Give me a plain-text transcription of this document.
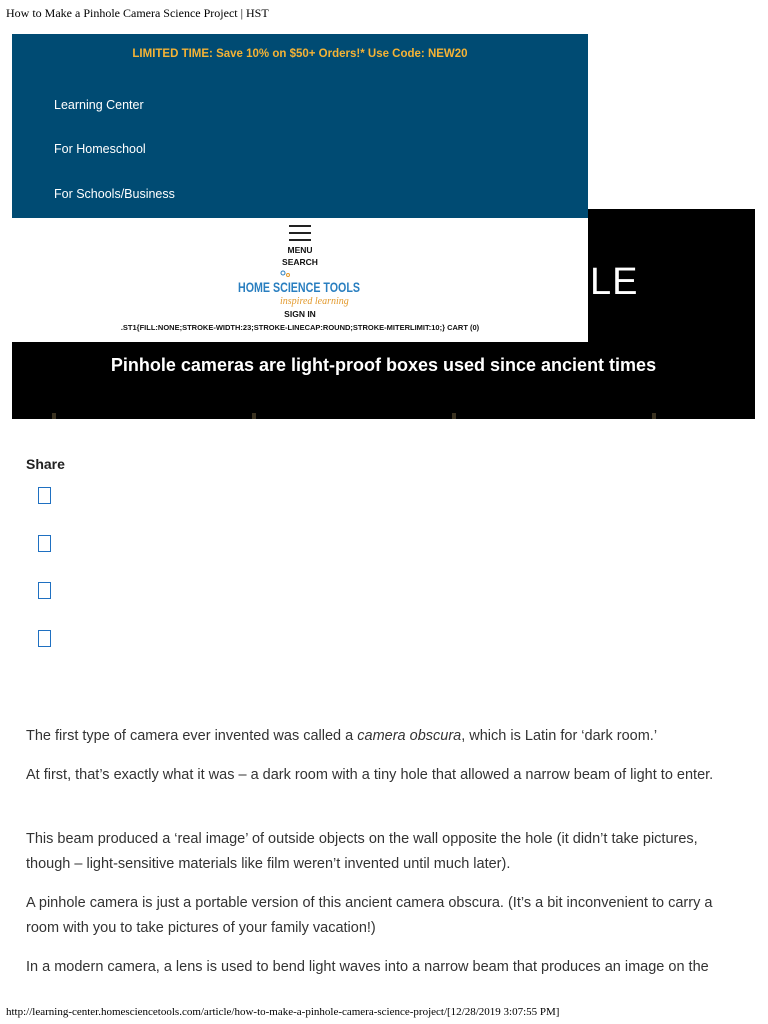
How to Make a Pinhole Camera Science Project | HST
LE
Pinhole cameras are light-proof boxes used since ancient times
LIMITED TIME: Save 10% on $50+ Orders!* Use Code: NEW20
Learning Center
For Homeschool
For Schools/Business
MENU
SEARCH
HOME SCIENCE TOOLS
inspired learning
SIGN IN
.ST1{FILL:NONE;STROKE-WIDTH:23;STROKE-LINECAP:ROUND;STROKE-MITERLIMIT:10;} CART (0)
Share

The first type of camera ever invented was called a camera obscura, which is Latin for ‘dark room.’

At first, that’s exactly what it was – a dark room with a tiny hole that allowed a narrow beam of light to enter.

This beam produced a ‘real image’ of outside objects on the wall opposite the hole (it didn’t take pictures, though – light-sensitive materials like film weren’t invented until much later).

A pinhole camera is just a portable version of this ancient camera obscura. (It’s a bit inconvenient to carry a room with you to take pictures of your family vacation!)

In a modern camera, a lens is used to bend light waves into a narrow beam that produces an image on the

http://learning-center.homesciencetools.com/article/how-to-make-a-pinhole-camera-science-project/[12/28/2019 3:07:55 PM]
